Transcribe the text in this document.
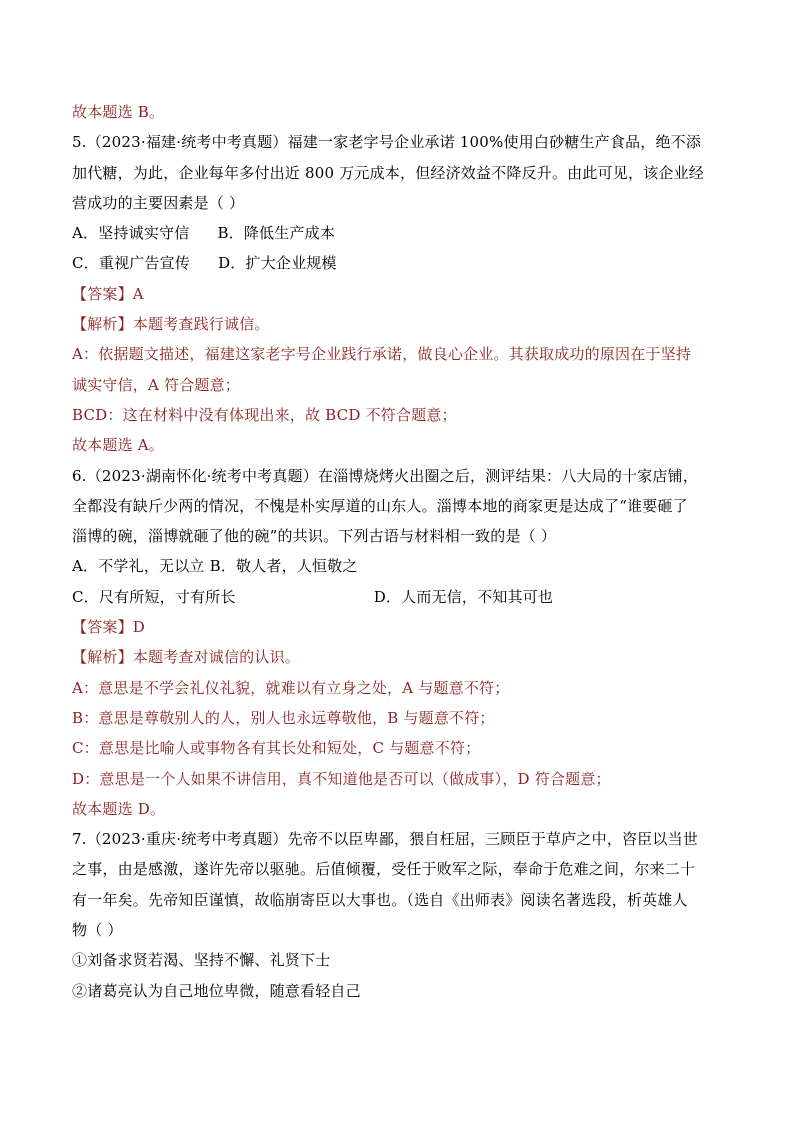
故本题选 B。
5.（2023·福建·统考中考真题）福建一家老字号企业承诺 100%使用白砂糖生产食品，绝不添
加代糖，为此，企业每年多付出近 800 万元成本，但经济效益不降反升。由此可见，该企业经
营成功的主要因素是（ ）
A．坚持诚实守信 B．降低生产成本
C．重视广告宣传 D．扩大企业规模
【答案】A
【解析】本题考查践行诚信。
A：依据题文描述，福建这家老字号企业践行承诺，做良心企业。其获取成功的原因在于坚持
诚实守信，A 符合题意；
BCD：这在材料中没有体现出来，故 BCD 不符合题意；
故本题选 A。
6.（2023·湖南怀化·统考中考真题）在淄博烧烤火出圈之后，测评结果：八大局的十家店铺，
全都没有缺斤少两的情况，不愧是朴实厚道的山东人。淄博本地的商家更是达成了“谁要砸了
淄博的碗，淄博就砸了他的碗”的共识。下列古语与材料相一致的是（ ）
A．不学礼，无以立 B．敬人者，人恒敬之
C．尺有所短，寸有所长	D．人而无信，不知其可也
【答案】D
【解析】本题考查对诚信的认识。
A：意思是不学会礼仪礼貌，就难以有立身之处，A 与题意不符；
B：意思是尊敬别人的人，别人也永远尊敬他，B 与题意不符；
C：意思是比喻人或事物各有其长处和短处，C 与题意不符；
D：意思是一个人如果不讲信用，真不知道他是否可以（做成事），D 符合题意；
故本题选 D。
7.（2023·重庆·统考中考真题）先帝不以臣卑鄙，猥自枉屈，三顾臣于草庐之中，咨臣以当世
之事，由是感激，遂许先帝以驱驰。后值倾覆，受任于败军之际，奉命于危难之间，尔来二十
有一年矣。先帝知臣谨慎，故临崩寄臣以大事也。（选自《出师表》阅读名著选段，析英雄人
物（ ）
①刘备求贤若渴、坚持不懈、礼贤下士
②诸葛亮认为自己地位卑微，随意看轻自己
